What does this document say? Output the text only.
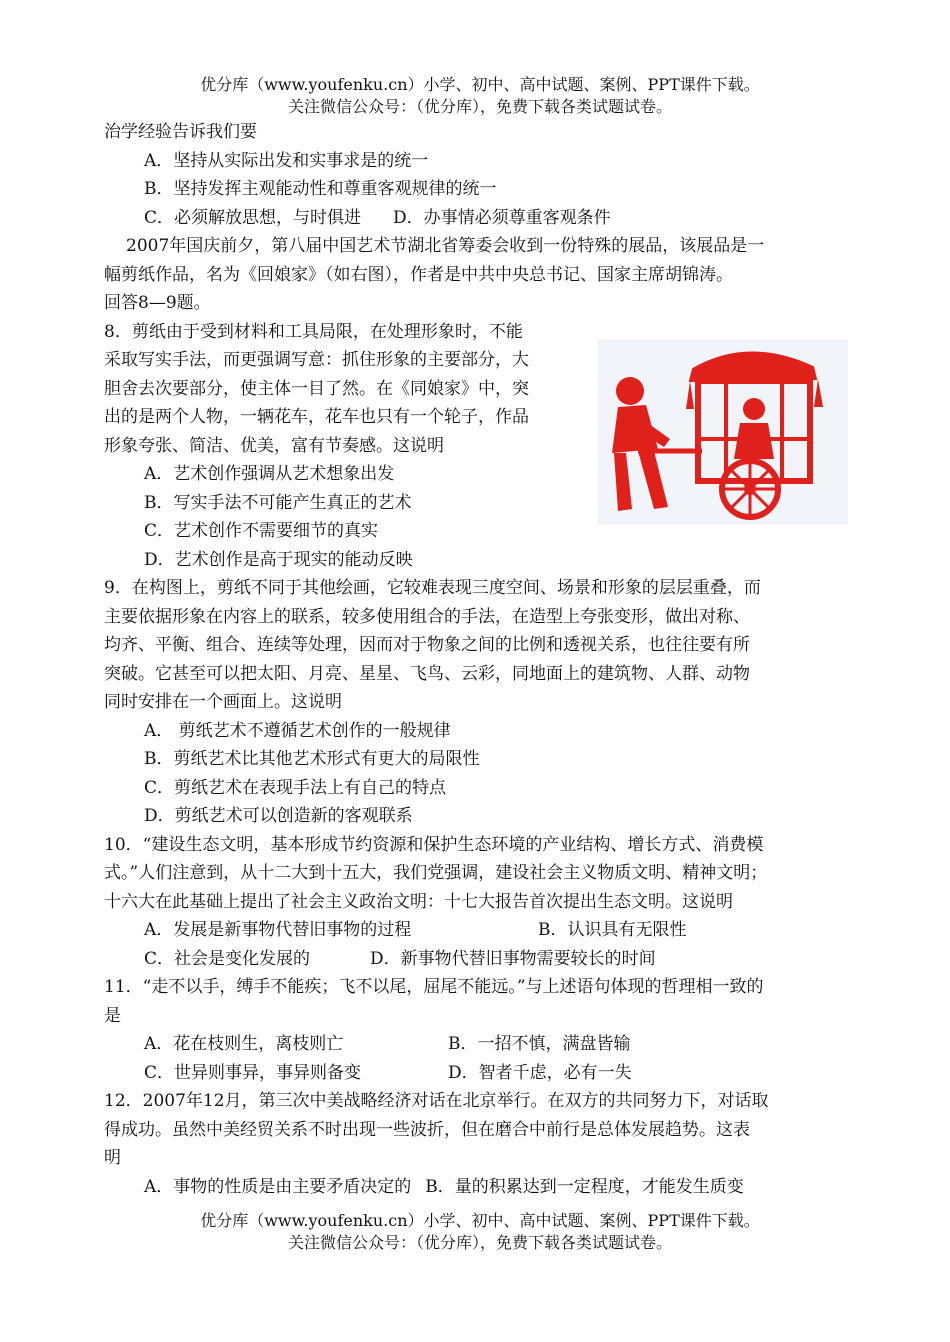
优分库（www.youfenku.cn）小学、初中、高中试题、案例、PPT课件下载。
关注微信公众号：（优分库），免费下载各类试题试卷。
治学经验告诉我们要
A．坚持从实际出发和实事求是的统一
B．坚持发挥主观能动性和尊重客观规律的统一
C．必须解放思想，与时俱进 D．办事情必须尊重客观条件
2007年国庆前夕，第八届中国艺术节湖北省筹委会收到一份特殊的展品，该展品是一
幅剪纸作品，名为《回娘家》（如右图），作者是中共中央总书记、国家主席胡锦涛。
回答8—9题。
8．剪纸由于受到材料和工具局限，在处理形象时，不能
采取写实手法，而更强调写意：抓住形象的主要部分，大
胆舍去次要部分，使主体一目了然。在《同娘家》中，突
出的是两个人物，一辆花车，花车也只有一个轮子，作品
形象夸张、简洁、优美，富有节奏感。这说明
A．艺术创作强调从艺术想象出发
B．写实手法不可能产生真正的艺术
C．艺术创作不需要细节的真实
D．艺术创作是高于现实的能动反映
9．在构图上，剪纸不同于其他绘画，它较难表现三度空间、场景和形象的层层重叠，而
主要依据形象在内容上的联系，较多使用组合的手法，在造型上夸张变形，做出对称、
均齐、平衡、组合、连续等处理，因而对于物象之间的比例和透视关系，也往往要有所
突破。它甚至可以把太阳、月亮、星星、飞鸟、云彩，同地面上的建筑物、人群、动物
同时安排在一个画面上。这说明
A． 剪纸艺术不遵循艺术创作的一般规律
B．剪纸艺术比其他艺术形式有更大的局限性
C．剪纸艺术在表现手法上有自己的特点
D．剪纸艺术可以创造新的客观联系
10．“建设生态文明，基本形成节约资源和保护生态环境的产业结构、增长方式、消费模
式。”人们注意到，从十二大到十五大，我们党强调，建设社会主义物质文明、精神文明；
十六大在此基础上提出了社会主义政治文明：十七大报告首次提出生态文明。这说明
A．发展是新事物代替旧事物的过程	B．认识具有无限性
C．社会是变化发展的	D．新事物代替旧事物需要较长的时间
11．“走不以手，缚手不能疾；飞不以尾，屈尾不能远。”与上述语句体现的哲理相一致的
是
A．花在枝则生，离枝则亡	B．一招不慎，满盘皆输
C．世异则事异，事异则备变	D．智者千虑，必有一失
12．2007年12月，第三次中美战略经济对话在北京举行。在双方的共同努力下，对话取
得成功。虽然中美经贸关系不时出现一些波折，但在磨合中前行是总体发展趋势。这表
明
A．事物的性质是由主要矛盾决定的 B．量的积累达到一定程度，才能发生质变
优分库（www.youfenku.cn）小学、初中、高中试题、案例、PPT课件下载。
关注微信公众号：（优分库），免费下载各类试题试卷。
